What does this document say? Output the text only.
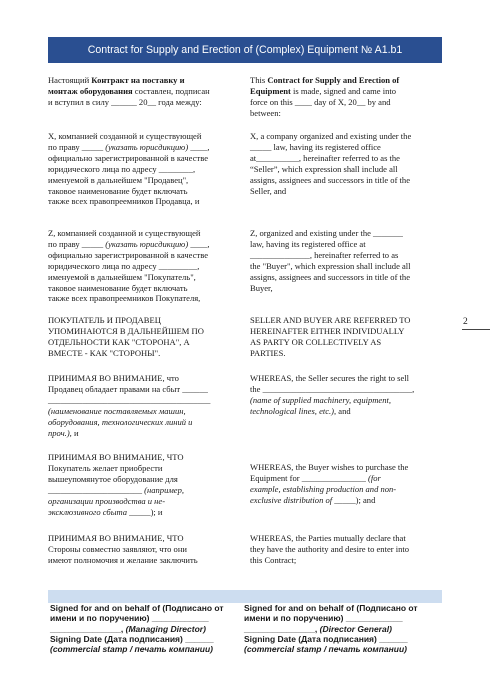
Contract for Supply and Erection of (Complex) Equipment № A1.b1

Настоящий Контракт на поставку и

монтаж оборудования составлен, подписан

и вступил в силу ______ 20__ года между:

X, компанией созданной и существующей

по праву _____ (указать юрисдикцию) ____,

официально зарегистрированной в качестве

юридического лица по адресу ________,

именуемой в дальнейшем "Продавец",

таковое наименование будет включать

также всех правопреемников Продавца, и

Z, компанией созданной и существующей

по праву _____ (указать юрисдикцию) ____,

официально зарегистрированной в качестве

юридического лица по адресу _________,

именуемой в дальнейшем "Покупатель",

таковое наименование будет включать

также всех правопреемников Покупателя,

ПОКУПАТЕЛЬ И ПРОДАВЕЦ

УПОМИНАЮТСЯ В ДАЛЬНЕЙШЕМ ПО

ОТДЕЛЬНОСТИ КАК "СТОРОНА", А

ВМЕСТЕ - КАК "СТОРОНЫ".

ПРИНИМАЯ ВО ВНИМАНИЕ, что

Продавец обладает правами на сбыт ______

______________________________________

(наименование поставляемых машин,

оборудования, технологических линий и

проч.), и

ПРИНИМАЯ ВО ВНИМАНИЕ, ЧТО

Покупатель желает приобрести

вышеупомянутое оборудование для

______________________ (например,

организации производства и не-

эксклюзивного сбыта _____); и

ПРИНИМАЯ ВО ВНИМАНИЕ, ЧТО

Стороны совместно заявляют, что они

имеют полномочия и желание заключить

This Contract for Supply and Erection of

Equipment is made, signed and came into

force on this ____ day of X, 20__ by and

between:

X, a company organized and existing under the

_____ law, having its registered office

at__________, hereinafter referred to as the

“Seller”, which expression shall include all

assigns, assignees and successors in title of the

Seller, and

Z, organized and existing under the _______

law, having its registered office at

______________, hereinafter referred to as

the "Buyer", which expression shall include all

assigns, assignees and successors in title of the

Buyer,

SELLER AND BUYER ARE REFERRED TO

HEREINAFTER EITHER INDIVIDUALLY

AS PARTY OR COLLECTIVELY AS

PARTIES.

WHEREAS, the Seller secures the right to sell

the ___________________________________,

(name of supplied machinery, equipment,

technological lines, etc.), and

WHEREAS, the Buyer wishes to purchase the

Equipment for _______________ (for

example, establishing production and non-

exclusive distribution of _____); and

WHEREAS, the Parties mutually declare that

they have the authority and desire to enter into

this Contract;

2

Signed for and on behalf of (Подписано от

имени и по поручению) ____________

_______________, (Managing Director)

Signing Date (Дата подписания) ______

(commercial stamp / печать компании)

Signed for and on behalf of (Подписано от

имени и по поручению) ____________

_______________, (Director General)

Signing Date (Дата подписания) ______

(commercial stamp / печать компании)
